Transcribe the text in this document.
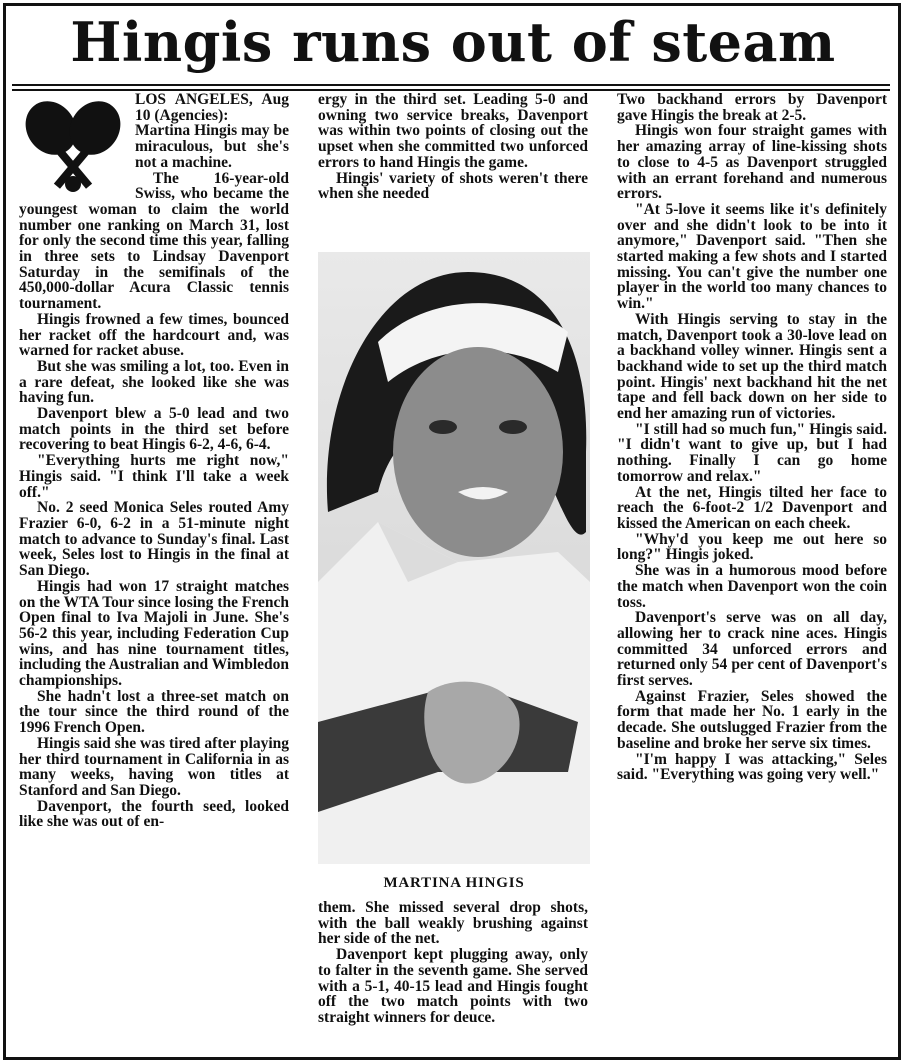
Hingis runs out of steam

LOS ANGELES, Aug 10 (Agencies):

Martina Hingis may be miraculous, but she's not a machine.

The 16-year-old Swiss, who became the youngest woman to claim the world number one ranking on March 31, lost for only the second time this year, falling in three sets to Lindsay Davenport Saturday in the semifinals of the 450,000-dollar Acura Classic tennis tournament.

Hingis frowned a few times, bounced her racket off the hardcourt and, was warned for racket abuse.

But she was smiling a lot, too. Even in a rare defeat, she looked like she was having fun.

Davenport blew a 5-0 lead and two match points in the third set before recovering to beat Hingis 6-2, 4-6, 6-4.

"Everything hurts me right now," Hingis said. "I think I'll take a week off."

No. 2 seed Monica Seles routed Amy Frazier 6-0, 6-2 in a 51-minute night match to advance to Sunday's final. Last week, Seles lost to Hingis in the final at San Diego.

Hingis had won 17 straight matches on the WTA Tour since losing the French Open final to Iva Majoli in June. She's 56-2 this year, including Federation Cup wins, and has nine tournament titles, including the Australian and Wimbledon championships.

She hadn't lost a three-set match on the tour since the third round of the 1996 French Open.

Hingis said she was tired after playing her third tournament in California in as many weeks, having won titles at Stanford and San Diego.

Davenport, the fourth seed, looked like she was out of en-

ergy in the third set. Leading 5-0 and owning two service breaks, Davenport was within two points of closing out the upset when she committed two unforced errors to hand Hingis the game.

Hingis' variety of shots weren't there when she needed

MARTINA HINGIS

them. She missed several drop shots, with the ball weakly brushing against her side of the net.

Davenport kept plugging away, only to falter in the seventh game. She served with a 5-1, 40-15 lead and Hingis fought off the two match points with two straight winners for deuce.

Two backhand errors by Davenport gave Hingis the break at 2-5.

Hingis won four straight games with her amazing array of line-kissing shots to close to 4-5 as Davenport struggled with an errant forehand and numerous errors.

"At 5-love it seems like it's definitely over and she didn't look to be into it anymore," Davenport said. "Then she started making a few shots and I started missing. You can't give the number one player in the world too many chances to win."

With Hingis serving to stay in the match, Davenport took a 30-love lead on a backhand volley winner. Hingis sent a backhand wide to set up the third match point. Hingis' next backhand hit the net tape and fell back down on her side to end her amazing run of victories.

"I still had so much fun," Hingis said. "I didn't want to give up, but I had nothing. Finally I can go home tomorrow and relax."

At the net, Hingis tilted her face to reach the 6-foot-2 1/2 Davenport and kissed the American on each cheek.

"Why'd you keep me out here so long?" Hingis joked.

She was in a humorous mood before the match when Davenport won the coin toss.

Davenport's serve was on all day, allowing her to crack nine aces. Hingis committed 34 unforced errors and returned only 54 per cent of Davenport's first serves.

Against Frazier, Seles showed the form that made her No. 1 early in the decade. She outslugged Frazier from the baseline and broke her serve six times.

"I'm happy I was attacking," Seles said. "Everything was going very well."
